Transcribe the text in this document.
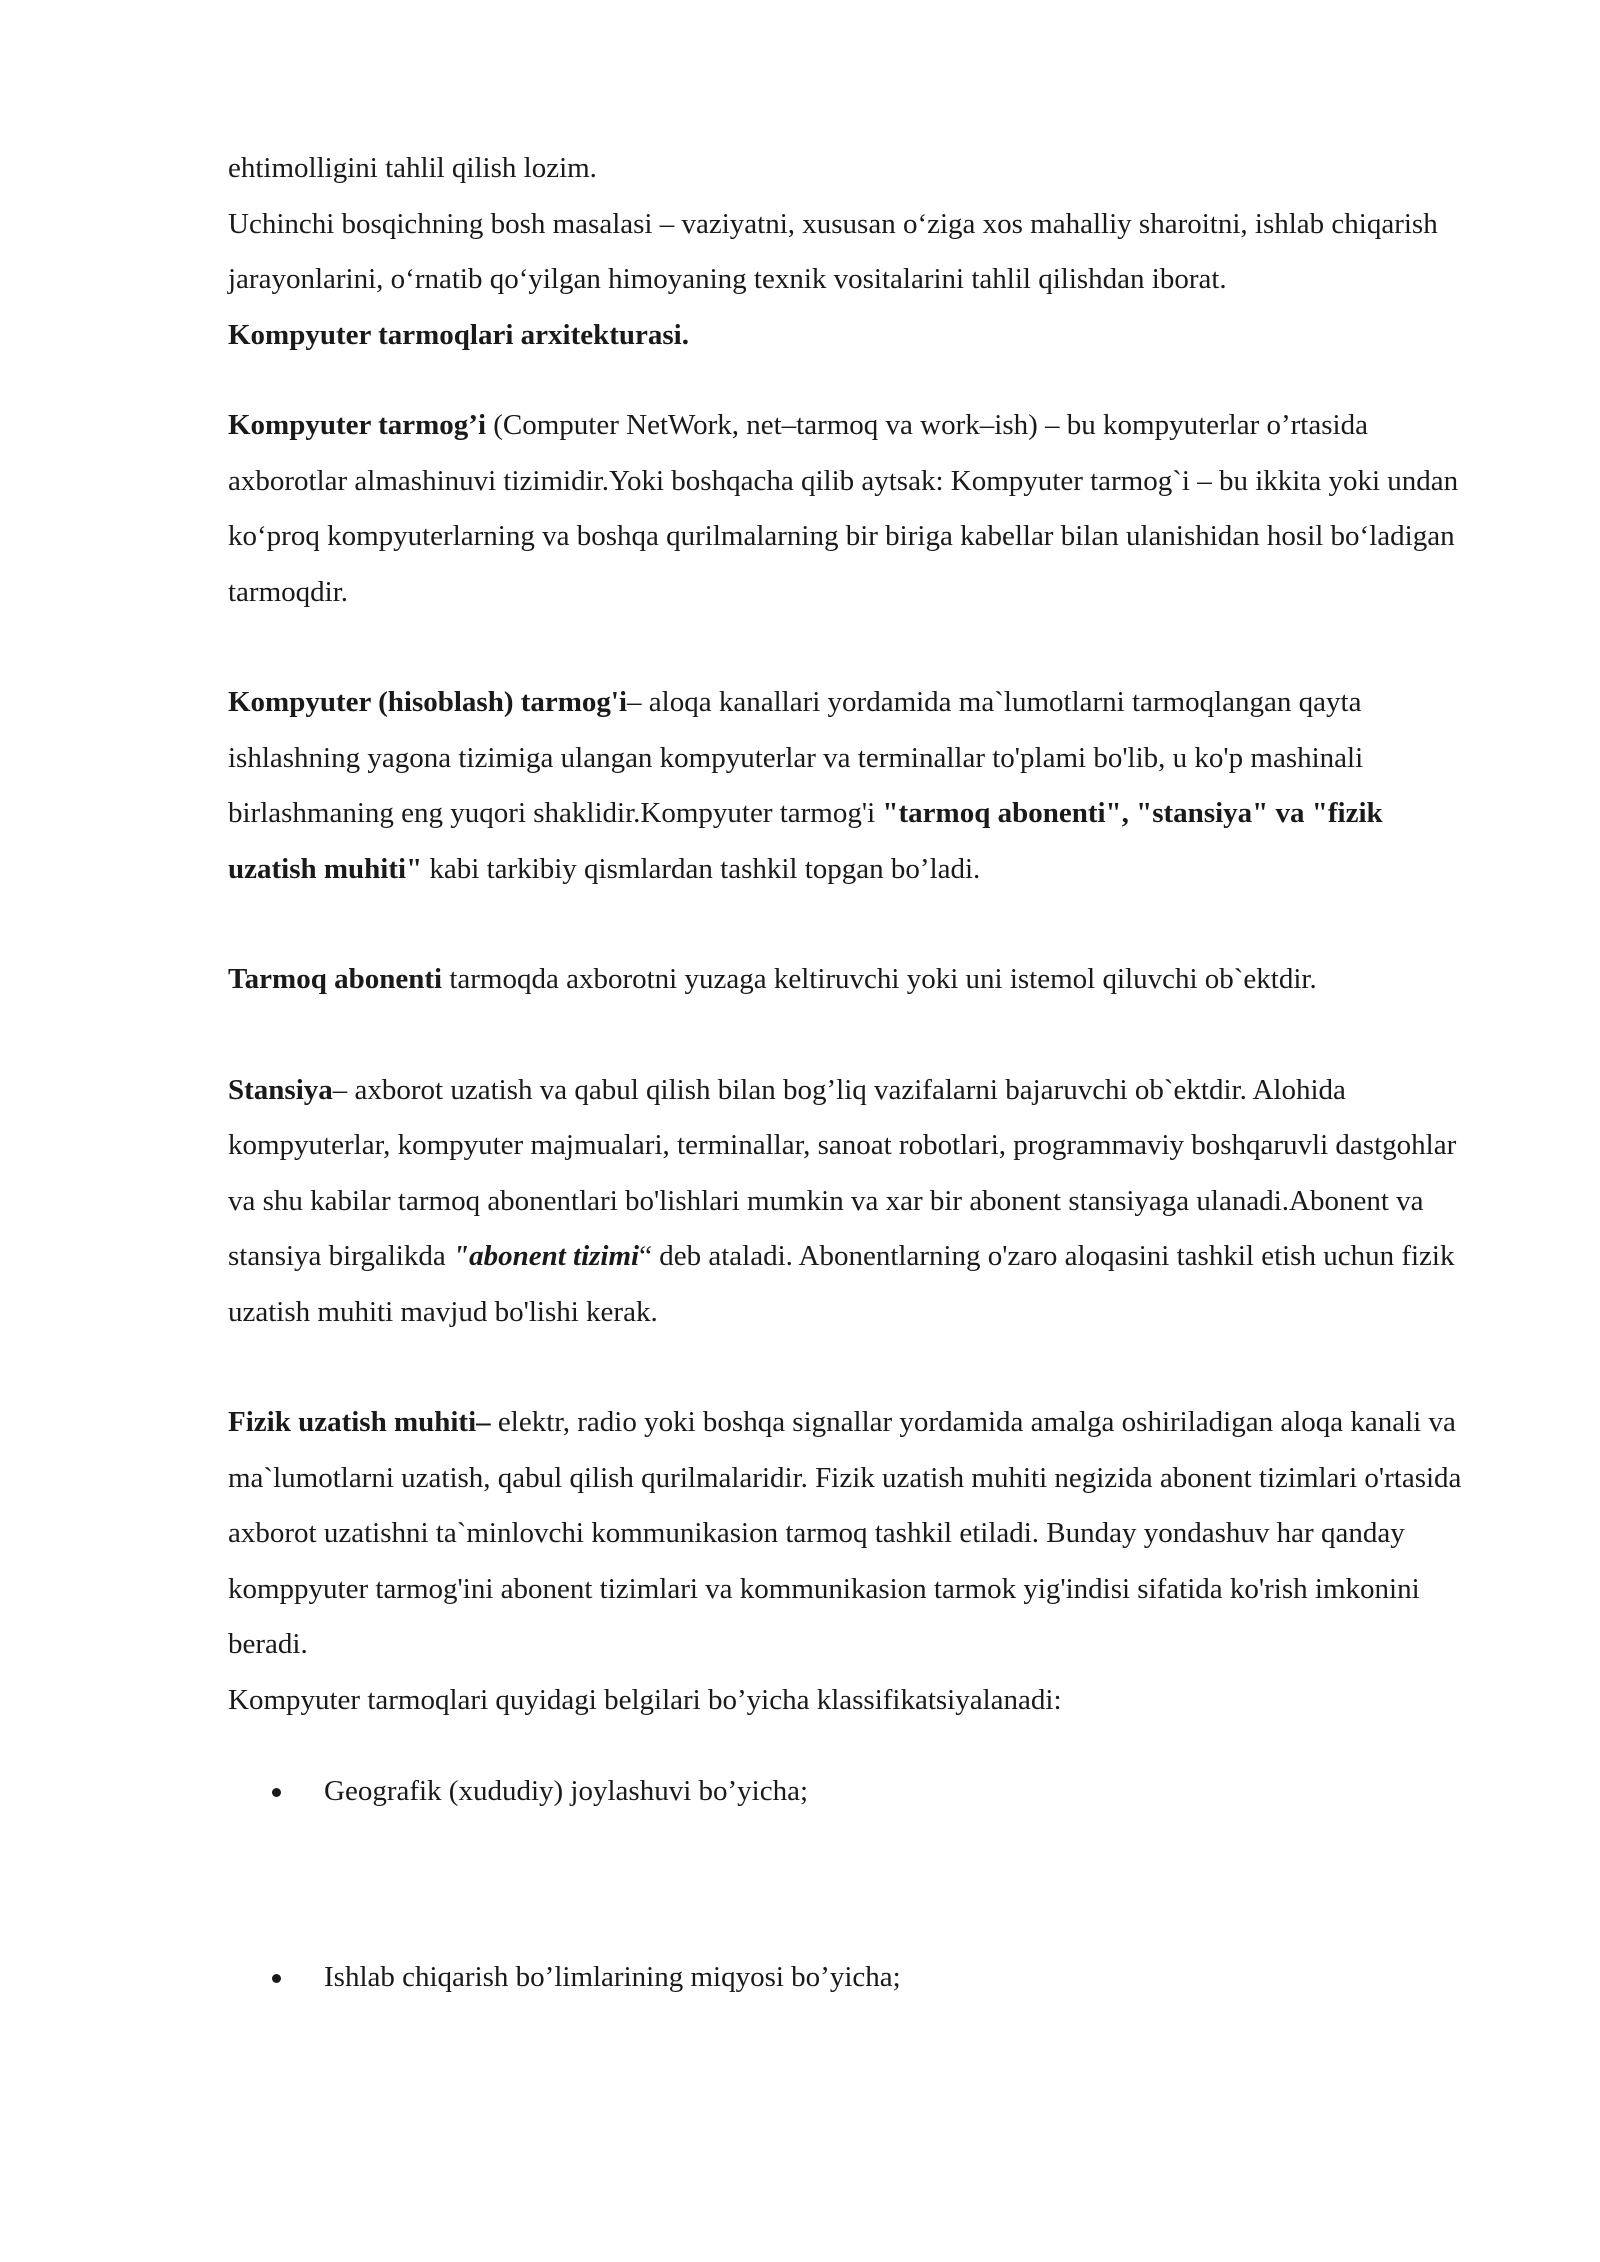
ehtimolligini tahlil qilish lozim.

Uchinchi bosqichning bosh masalasi – vaziyatni, xususan o‘ziga xos mahalliy sharoitni, ishlab chiqarish jarayonlarini, o‘rnatib qo‘yilgan himoyaning texnik vositalarini tahlil qilishdan iborat.

Kompyuter tarmoqlari arxitekturasi.

Kompyuter tarmog’i (Computer NetWork, net–tarmoq va work–ish) – bu kompyuterlar o’rtasida axborotlar almashinuvi tizimidir.Yoki boshqacha qilib aytsak: Kompyuter tarmog`i – bu ikkita yoki undan ko‘proq kompyuterlarning va boshqa qurilmalarning bir biriga kabellar bilan ulanishidan hosil bo‘ladigan tarmoqdir.

Kompyuter (hisoblash) tarmog'i– aloqa kanallari yordamida ma`lumotlarni tarmoqlangan qayta ishlashning yagona tizimiga ulangan kompyuterlar va terminallar to'plami bo'lib, u ko'p mashinali birlashmaning eng yuqori shaklidir.Kompyuter tarmog'i "tarmoq abonenti", "stansiya" va "fizik uzatish muhiti" kabi tarkibiy qismlardan tashkil topgan bo’ladi.

Tarmoq abonenti tarmoqda axborotni yuzaga keltiruvchi yoki uni istemol qiluvchi ob`ektdir.

Stansiya– axborot uzatish va qabul qilish bilan bog’liq vazifalarni bajaruvchi ob`ektdir. Alohida kompyuterlar, kompyuter majmualari, terminallar, sanoat robotlari, programmaviy boshqaruvli dastgohlar va shu kabilar tarmoq abonentlari bo'lishlari mumkin va xar bir abonent stansiyaga ulanadi.Abonent va stansiya birgalikda "abonent tizimi“ deb ataladi. Abonentlarning o'zaro aloqasini tashkil etish uchun fizik uzatish muhiti mavjud bo'lishi kerak.

Fizik uzatish muhiti– elektr, radio yoki boshqa signallar yordamida amalga oshiriladigan aloqa kanali va ma`lumotlarni uzatish, qabul qilish qurilmalaridir. Fizik uzatish muhiti negizida abonent tizimlari o'rtasida axborot uzatishni ta`minlovchi kommunikasion tarmoq tashkil etiladi. Bunday yondashuv har qanday komppyuter tarmog'ini abonent tizimlari va kommunikasion tarmok yig'indisi sifatida ko'rish imkonini beradi.

Kompyuter tarmoqlari quyidagi belgilari bo’yicha klassifikatsiyalanadi:

Geografik (xududiy) joylashuvi bo’yicha;
Ishlab chiqarish bo’limlarining miqyosi bo’yicha;
